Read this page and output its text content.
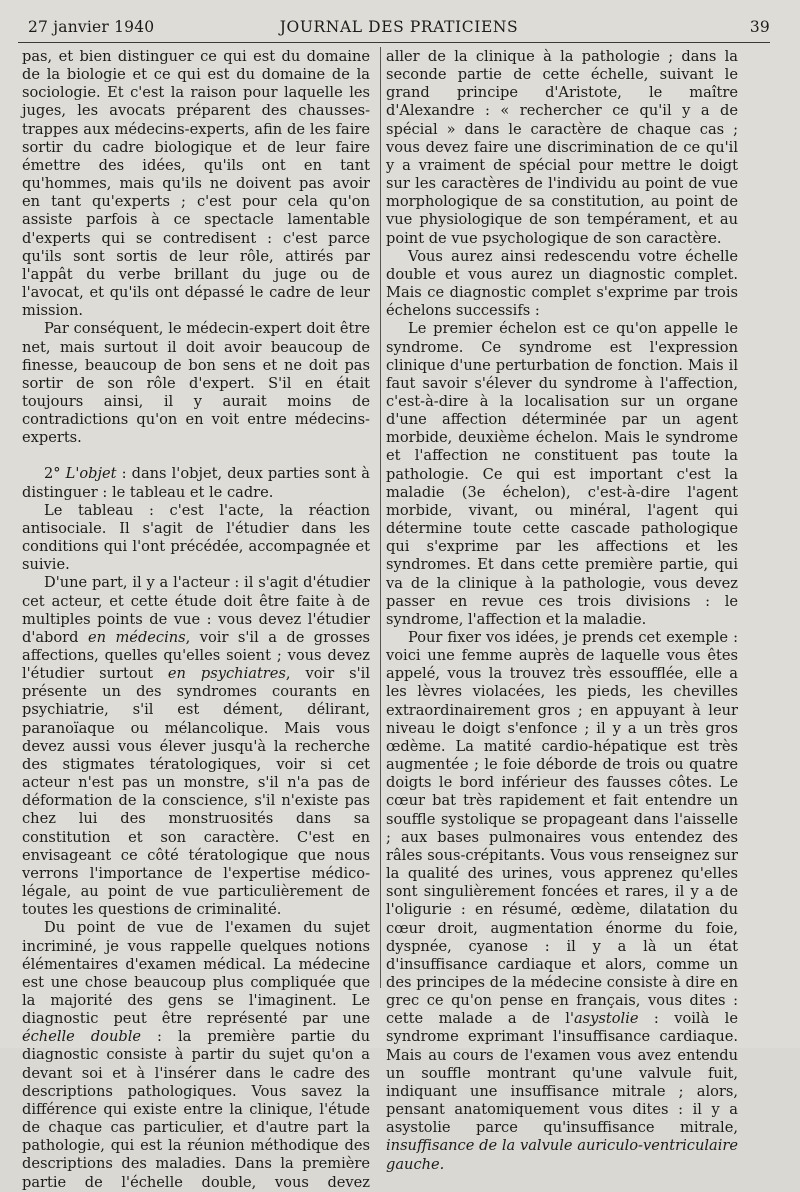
27 janvier 1940	JOURNAL DES PRATICIENS	39

pas, et bien distinguer ce qui est du domaine de la biologie et ce qui est du domaine de la sociologie. Et c'est la raison pour laquelle les juges, les avocats préparent des chausses-trappes aux médecins-experts, afin de les faire sortir du cadre biologique et de leur faire émettre des idées, qu'ils ont en tant qu'hommes, mais qu'ils ne doivent pas avoir en tant qu'experts ; c'est pour cela qu'on assiste parfois à ce spectacle lamentable d'experts qui se contredisent : c'est parce qu'ils sont sortis de leur rôle, attirés par l'appât du verbe brillant du juge ou de l'avocat, et qu'ils ont dépassé le cadre de leur mission.

Par conséquent, le médecin-expert doit être net, mais surtout il doit avoir beaucoup de finesse, beaucoup de bon sens et ne doit pas sortir de son rôle d'expert. S'il en était toujours ainsi, il y aurait moins de contradictions qu'on en voit entre médecins-experts.

2° L'objet : dans l'objet, deux parties sont à distinguer : le tableau et le cadre.

Le tableau : c'est l'acte, la réaction antisociale. Il s'agit de l'étudier dans les conditions qui l'ont précédée, accompagnée et suivie.

D'une part, il y a l'acteur : il s'agit d'étudier cet acteur, et cette étude doit être faite à de multiples points de vue : vous devez l'étudier d'abord en médecins, voir s'il a de grosses affections, quelles qu'elles soient ; vous devez l'étudier surtout en psychiatres, voir s'il présente un des syndromes courants en psychiatrie, s'il est dément, délirant, paranoïaque ou mélancolique. Mais vous devez aussi vous élever jusqu'à la recherche des stigmates tératologiques, voir si cet acteur n'est pas un monstre, s'il n'a pas de déformation de la conscience, s'il n'existe pas chez lui des monstruosités dans sa constitution et son caractère. C'est en envisageant ce côté tératologique que nous verrons l'importance de l'expertise médico-légale, au point de vue particulièrement de toutes les questions de criminalité.

Du point de vue de l'examen du sujet incriminé, je vous rappelle quelques notions élémentaires d'examen médical. La médecine est une chose beaucoup plus compliquée que la majorité des gens se l'imaginent. Le diagnostic peut être représenté par une échelle double : la première partie du diagnostic consiste à partir du sujet qu'on a devant soi et à l'insérer dans le cadre des descriptions pathologiques. Vous savez la différence qui existe entre la clinique, l'étude de chaque cas particulier, et d'autre part la pathologie, qui est la réunion méthodique des descriptions des maladies. Dans la première partie de l'échelle double, vous devez

aller de la clinique à la pathologie ; dans la seconde partie de cette échelle, suivant le grand principe d'Aristote, le maître d'Alexandre : « rechercher ce qu'il y a de spécial » dans le caractère de chaque cas ; vous devez faire une discrimination de ce qu'il y a vraiment de spécial pour mettre le doigt sur les caractères de l'individu au point de vue morphologique de sa constitution, au point de vue physiologique de son tempérament, et au point de vue psychologique de son caractère.

Vous aurez ainsi redescendu votre échelle double et vous aurez un diagnostic complet. Mais ce diagnostic complet s'exprime par trois échelons successifs :

Le premier échelon est ce qu'on appelle le syndrome. Ce syndrome est l'expression clinique d'une perturbation de fonction. Mais il faut savoir s'élever du syndrome à l'affection, c'est-à-dire à la localisation sur un organe d'une affection déterminée par un agent morbide, deuxième échelon. Mais le syndrome et l'affection ne constituent pas toute la pathologie. Ce qui est important c'est la maladie (3e échelon), c'est-à-dire l'agent morbide, vivant, ou minéral, l'agent qui détermine toute cette cascade pathologique qui s'exprime par les affections et les syndromes. Et dans cette première partie, qui va de la clinique à la pathologie, vous devez passer en revue ces trois divisions : le syndrome, l'affection et la maladie.

Pour fixer vos idées, je prends cet exemple : voici une femme auprès de laquelle vous êtes appelé, vous la trouvez très essoufflée, elle a les lèvres violacées, les pieds, les chevilles extraordinairement gros ; en appuyant à leur niveau le doigt s'enfonce ; il y a un très gros œdème. La matité cardio-hépatique est très augmentée ; le foie déborde de trois ou quatre doigts le bord inférieur des fausses côtes. Le cœur bat très rapidement et fait entendre un souffle systolique se propageant dans l'aisselle ; aux bases pulmonaires vous entendez des râles sous-crépitants. Vous vous renseignez sur la qualité des urines, vous apprenez qu'elles sont singulièrement foncées et rares, il y a de l'oligurie : en résumé, œdème, dilatation du cœur droit, augmentation énorme du foie, dyspnée, cyanose : il y a là un état d'insuffisance cardiaque et alors, comme un des principes de la médecine consiste à dire en grec ce qu'on pense en français, vous dites : cette malade a de l'asystolie : voilà le syndrome exprimant l'insuffisance cardiaque. Mais au cours de l'examen vous avez entendu un souffle montrant qu'une valvule fuit, indiquant une insuffisance mitrale ; alors, pensant anatomiquement vous dites : il y a asystolie parce qu'insuffisance mitrale, insuffisance de la valvule auriculo-ventriculaire gauche.
